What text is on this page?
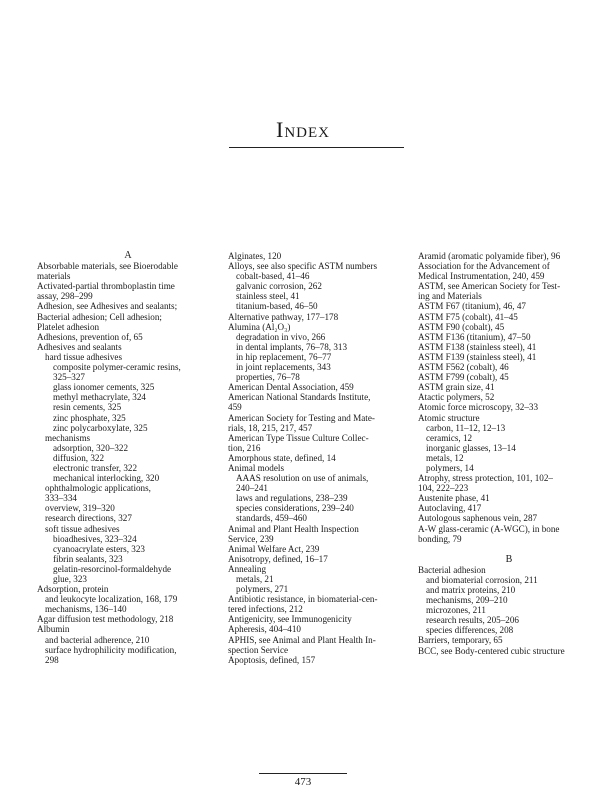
Index
A
Absorbable materials, see Bioerodable
materials
Activated-partial thromboplastin time
assay, 298–299
Adhesion, see Adhesives and sealants;
Bacterial adhesion; Cell adhesion;
Platelet adhesion
Adhesions, prevention of, 65
Adhesives and sealants
hard tissue adhesives
composite polymer-ceramic resins,
325–327
glass ionomer cements, 325
methyl methacrylate, 324
resin cements, 325
zinc phosphate, 325
zinc polycarboxylate, 325
mechanisms
adsorption, 320–322
diffusion, 322
electronic transfer, 322
mechanical interlocking, 320
ophthalmologic applications,
333–334
overview, 319–320
research directions, 327
soft tissue adhesives
bioadhesives, 323–324
cyanoacrylate esters, 323
fibrin sealants, 323
gelatin-resorcinol-formaldehyde
glue, 323
Adsorption, protein
and leukocyte localization, 168, 179
mechanisms, 136–140
Agar diffusion test methodology, 218
Albumin
and bacterial adherence, 210
surface hydrophilicity modification,
298
Alginates, 120
Alloys, see also specific ASTM numbers
cobalt-based, 41–46
galvanic corrosion, 262
stainless steel, 41
titanium-based, 46–50
Alternative pathway, 177–178
Alumina (Al₂O₃)
degradation in vivo, 266
in dental implants, 76–78, 313
in hip replacement, 76–77
in joint replacements, 343
properties, 76–78
American Dental Association, 459
American National Standards Institute,
459
American Society for Testing and Mate-
rials, 18, 215, 217, 457
American Type Tissue Culture Collec-
tion, 216
Amorphous state, defined, 14
Animal models
AAAS resolution on use of animals,
240–241
laws and regulations, 238–239
species considerations, 239–240
standards, 459–460
Animal and Plant Health Inspection
Service, 239
Animal Welfare Act, 239
Anisotropy, defined, 16–17
Annealing
metals, 21
polymers, 271
Antibiotic resistance, in biomaterial-cen-
tered infections, 212
Antigenicity, see Immunogenicity
Apheresis, 404–410
APHIS, see Animal and Plant Health In-
spection Service
Apoptosis, defined, 157
Aramid (aromatic polyamide fiber), 96
Association for the Advancement of
Medical Instrumentation, 240, 459
ASTM, see American Society for Test-
ing and Materials
ASTM F67 (titanium), 46, 47
ASTM F75 (cobalt), 41–45
ASTM F90 (cobalt), 45
ASTM F136 (titanium), 47–50
ASTM F138 (stainless steel), 41
ASTM F139 (stainless steel), 41
ASTM F562 (cobalt), 46
ASTM F799 (cobalt), 45
ASTM grain size, 41
Atactic polymers, 52
Atomic force microscopy, 32–33
Atomic structure
carbon, 11–12, 12–13
ceramics, 12
inorganic glasses, 13–14
metals, 12
polymers, 14
Atrophy, stress protection, 101, 102–
104, 222–223
Austenite phase, 41
Autoclaving, 417
Autologous saphenous vein, 287
A-W glass-ceramic (A-WGC), in bone
bonding, 79
B
Bacterial adhesion
and biomaterial corrosion, 211
and matrix proteins, 210
mechanisms, 209–210
microzones, 211
research results, 205–206
species differences, 208
Barriers, temporary, 65
BCC, see Body-centered cubic structure
473
